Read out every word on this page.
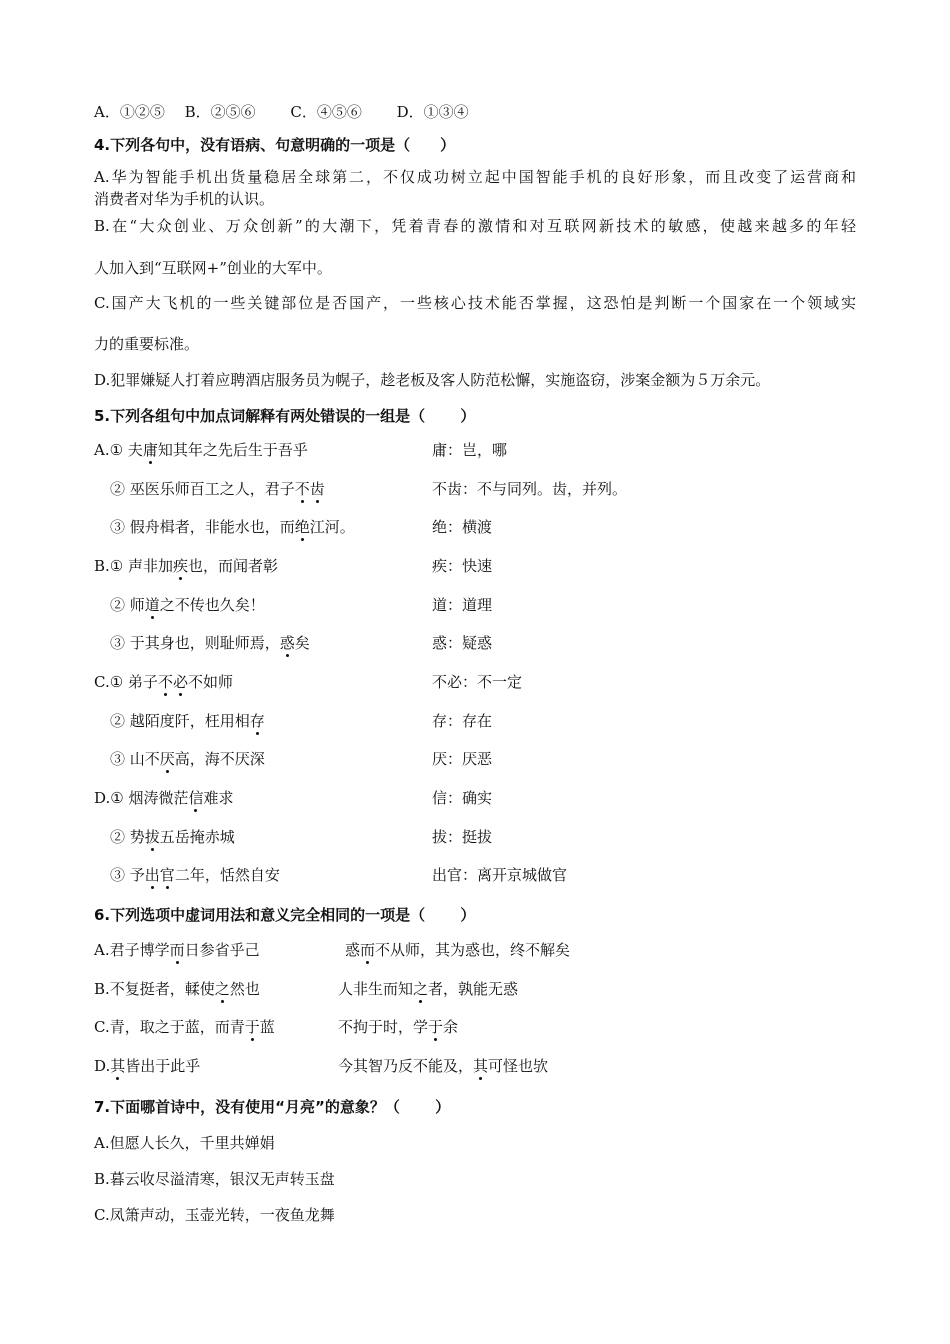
A．①②⑤　 B．②⑤⑥　　 C．④⑤⑥　　 D．①③④
4.下列各句中，没有语病、句意明确的一项是（　　）
A.华为智能手机出货量稳居全球第二，不仅成功树立起中国智能手机的良好形象，而且改变了运营商和
消费者对华为手机的认识。
B.在“大众创业、万众创新”的大潮下，凭着青春的激情和对互联网新技术的敏感，使越来越多的年轻
人加入到“互联网+”创业的大军中。
C.国产大飞机的一些关键部位是否国产，一些核心技术能否掌握，这恐怕是判断一个国家在一个领域实
力的重要标准。
D.犯罪嫌疑人打着应聘酒店服务员为幌子，趁老板及客人防范松懈，实施盗窃，涉案金额为５万余元。
5.下列各组句中加点词解释有两处错误的一组是（　　 ）
A.① 夫庸知其年之先后生于吾乎	庸：岂，哪
② 巫医乐师百工之人，君子不齿	不齿：不与同列。齿，并列。
③ 假舟楫者，非能水也，而绝江河。	绝：横渡
B.① 声非加疾也，而闻者彰	疾：快速
② 师道之不传也久矣！	道：道理
③ 于其身也，则耻师焉，惑矣	惑：疑惑
C.① 弟子不必不如师	不必：不一定
② 越陌度阡，枉用相存	存：存在
③ 山不厌高，海不厌深	厌：厌恶
D.① 烟涛微茫信难求	信：确实
② 势拔五岳掩赤城	拔：挺拔
③ 予出官二年，恬然自安	出官：离开京城做官
6.下列选项中虚词用法和意义完全相同的一项是（　　 ）
A.君子博学而日参省乎己	惑而不从师，其为惑也，终不解矣
B.不复挺者，輮使之然也	人非生而知之者，孰能无惑
C.青，取之于蓝，而青于蓝	不拘于时，学于余
D.其皆出于此乎	今其智乃反不能及，其可怪也欤
7.下面哪首诗中，没有使用“月亮”的意象？（　　 ）
A.但愿人长久，千里共婵娟
B.暮云收尽溢清寒，银汉无声转玉盘
C.凤箫声动，玉壶光转，一夜鱼龙舞
